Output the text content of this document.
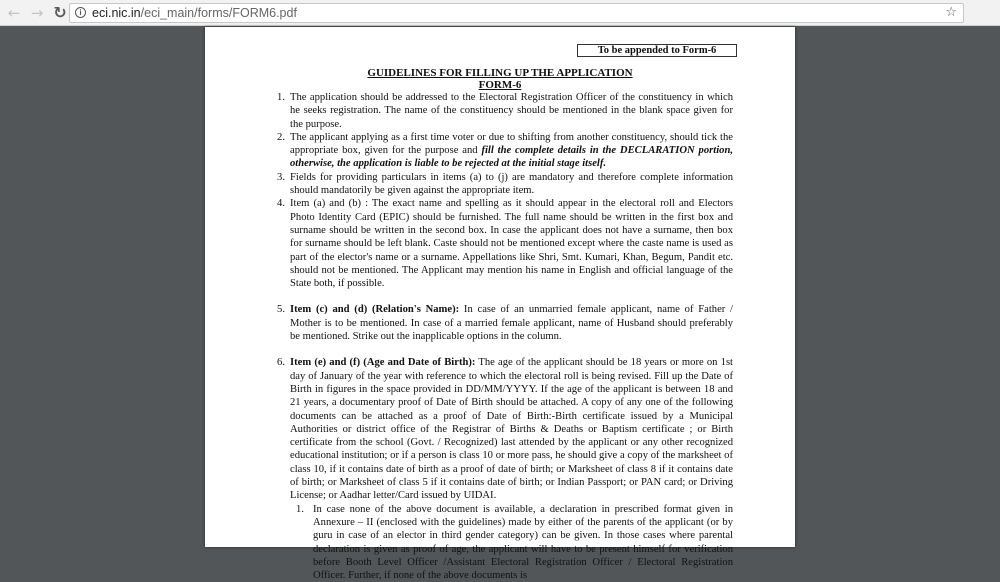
← → ↻	i eci.nic.in/eci_main/forms/FORM6.pdf	☆
To be appended to Form-6
GUIDELINES FOR FILLING UP THE APPLICATION
FORM-6
1. The application should be addressed to the Electoral Registration Officer of the constituency in which he seeks registration. The name of the constituency should be mentioned in the blank space given for the purpose.
2. The applicant applying as a first time voter or due to shifting from another constituency, should tick the appropriate box, given for the purpose and fill the complete details in the DECLARATION portion, otherwise, the application is liable to be rejected at the initial stage itself.
3. Fields for providing particulars in items (a) to (j) are mandatory and therefore complete information should mandatorily be given against the appropriate item.
4. Item (a) and (b) : The exact name and spelling as it should appear in the electoral roll and Electors Photo Identity Card (EPIC) should be furnished. The full name should be written in the first box and surname should be written in the second box. In case the applicant does not have a surname, then box for surname should be left blank. Caste should not be mentioned except where the caste name is used as part of the elector's name or a surname. Appellations like Shri, Smt. Kumari, Khan, Begum, Pandit etc. should not be mentioned. The Applicant may mention his name in English and official language of the State both, if possible.
5. Item (c) and (d) (Relation's Name): In case of an unmarried female applicant, name of Father / Mother is to be mentioned. In case of a married female applicant, name of Husband should preferably be mentioned. Strike out the inapplicable options in the column.
6. Item (e) and (f) (Age and Date of Birth): The age of the applicant should be 18 years or more on 1st day of January of the year with reference to which the electoral roll is being revised. Fill up the Date of Birth in figures in the space provided in DD/MM/YYYY. If the age of the applicant is between 18 and 21 years, a documentary proof of Date of Birth should be attached. A copy of any one of the following documents can be attached as a proof of Date of Birth:-Birth certificate issued by a Municipal Authorities or district office of the Registrar of Births & Deaths or Baptism certificate ; or Birth certificate from the school (Govt. / Recognized) last attended by the applicant or any other recognized educational institution; or if a person is class 10 or more pass, he should give a copy of the marksheet of class 10, if it contains date of birth as a proof of date of birth; or Marksheet of class 8 if it contains date of birth; or Marksheet of class 5 if it contains date of birth; or Indian Passport; or PAN card; or Driving License; or Aadhar letter/Card issued by UIDAI.
1. In case none of the above document is available, a declaration in prescribed format given in Annexure – II (enclosed with the guidelines) made by either of the parents of the applicant (or by guru in case of an elector in third gender category) can be given. In those cases where parental declaration is given as proof of age, the applicant will have to be present himself for verification before Booth Level Officer /Assistant Electoral Registration Officer / Electoral Registration Officer. Further, if none of the above documents is
